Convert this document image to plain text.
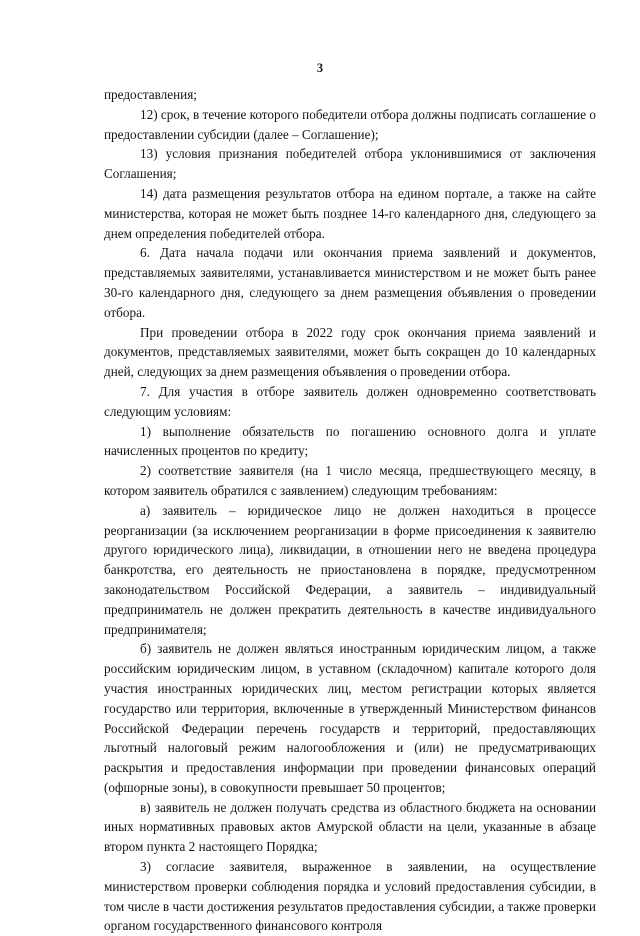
3

предоставления;

12) срок, в течение которого победители отбора должны подписать соглашение о предоставлении субсидии (далее – Соглашение);

13) условия признания победителей отбора уклонившимися от заключения Соглашения;

14) дата размещения результатов отбора на едином портале, а также на сайте министерства, которая не может быть позднее 14-го календарного дня, следующего за днем определения победителей отбора.

6. Дата начала подачи или окончания приема заявлений и документов, представляемых заявителями, устанавливается министерством и не может быть ранее 30-го календарного дня, следующего за днем размещения объявления о проведении отбора.

При проведении отбора в 2022 году срок окончания приема заявлений и документов, представляемых заявителями, может быть сокращен до 10 календарных дней, следующих за днем размещения объявления о проведении отбора.

7. Для участия в отборе заявитель должен одновременно соответствовать следующим условиям:

1) выполнение обязательств по погашению основного долга и уплате начисленных процентов по кредиту;

2) соответствие заявителя (на 1 число месяца, предшествующего месяцу, в котором заявитель обратился с заявлением) следующим требованиям:

а) заявитель – юридическое лицо не должен находиться в процессе реорганизации (за исключением реорганизации в форме присоединения к заявителю другого юридического лица), ликвидации, в отношении него не введена процедура банкротства, его деятельность не приостановлена в порядке, предусмотренном законодательством Российской Федерации, а заявитель – индивидуальный предприниматель не должен прекратить деятельность в качестве индивидуального предпринимателя;

б) заявитель не должен являться иностранным юридическим лицом, а также российским юридическим лицом, в уставном (складочном) капитале которого доля участия иностранных юридических лиц, местом регистрации которых является государство или территория, включенные в утвержденный Министерством финансов Российской Федерации перечень государств и территорий, предоставляющих льготный налоговый режим налогообложения и (или) не предусматривающих раскрытия и предоставления информации при проведении финансовых операций (офшорные зоны), в совокупности превышает 50 процентов;

в) заявитель не должен получать средства из областного бюджета на основании иных нормативных правовых актов Амурской области на цели, указанные в абзаце втором пункта 2 настоящего Порядка;

3) согласие заявителя, выраженное в заявлении, на осуществление министерством проверки соблюдения порядка и условий предоставления субсидии, в том числе в части достижения результатов предоставления субсидии, а также проверки органом государственного финансового контроля
